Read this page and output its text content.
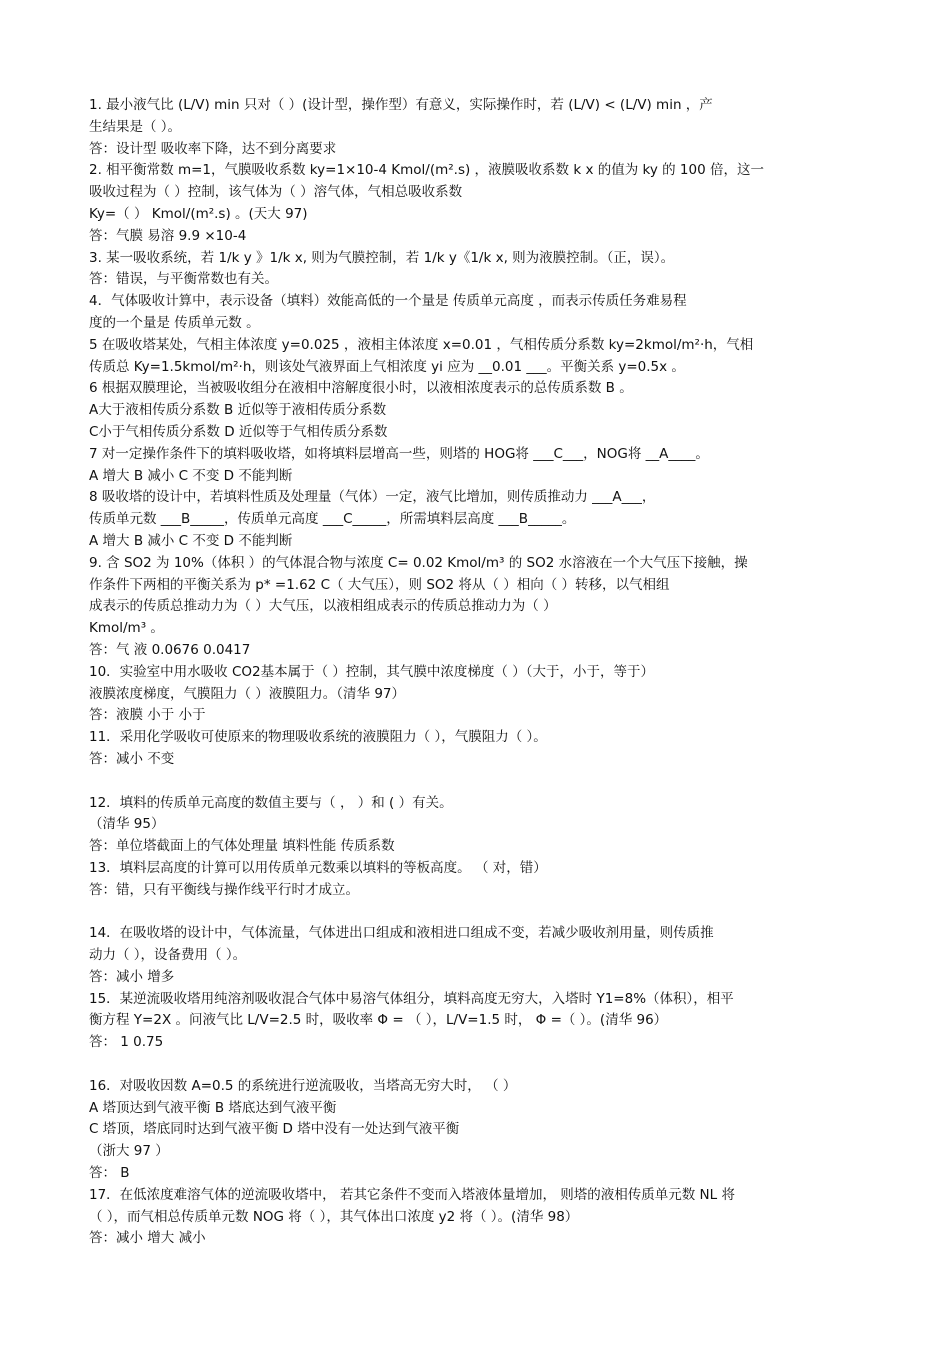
1. 最小液气比 (L/V) min 只对（ ）(设计型，操作型）有意义，实际操作时，若 (L/V) < (L/V) min ，产
生结果是（ ）。
答：设计型 吸收率下降，达不到分离要求
2. 相平衡常数 m=1，气膜吸收系数 ky=1×10-4 Kmol/(m².s) ，液膜吸收系数 k x 的值为 ky 的 100 倍，这一
吸收过程为（ ）控制，该气体为（ ）溶气体，气相总吸收系数
Ky=（ ） Kmol/(m².s) 。(天大 97)
答：气膜 易溶 9.9 ×10-4
3. 某一吸收系统，若 1/k y 》1/k x, 则为气膜控制，若 1/k y《1/k x, 则为液膜控制。（正，误）。
答：错误，与平衡常数也有关。
4．气体吸收计算中，表示设备（填料）效能高低的一个量是 传质单元高度 ，而表示传质任务难易程
度的一个量是 传质单元数 。
5 在吸收塔某处，气相主体浓度 y=0.025 ，液相主体浓度 x=0.01 ，气相传质分系数 ky=2kmol/m²·h，气相
传质总 Ky=1.5kmol/m²·h，则该处气液界面上气相浓度 yi 应为 __0.01 ___。平衡关系 y=0.5x 。
6 根据双膜理论，当被吸收组分在液相中溶解度很小时，以液相浓度表示的总传质系数 B 。
A大于液相传质分系数 B 近似等于液相传质分系数
C小于气相传质分系数 D 近似等于气相传质分系数
7 对一定操作条件下的填料吸收塔，如将填料层增高一些，则塔的 HOG将 ___C___，NOG将 __A____。
A 增大 B 减小 C 不变 D 不能判断
8 吸收塔的设计中，若填料性质及处理量（气体）一定，液气比增加，则传质推动力 ___A___，
传质单元数 ___B_____，传质单元高度 ___C_____，所需填料层高度 ___B_____。
A 增大 B 减小 C 不变 D 不能判断
9. 含 SO2 为 10%（体积 ）的气体混合物与浓度 C= 0.02 Kmol/m³ 的 SO2 水溶液在一个大气压下接触，操
作条件下两相的平衡关系为 p* =1.62 C（ 大气压），则 SO2 将从（ ）相向（ ）转移，以气相组
成表示的传质总推动力为（ ）大气压，以液相组成表示的传质总推动力为（ ）
Kmol/m³ 。
答：气 液 0.0676 0.0417
10．实验室中用水吸收 CO2基本属于（ ）控制，其气膜中浓度梯度（ ）（大于，小于，等于）
液膜浓度梯度，气膜阻力（ ）液膜阻力。（清华 97）
答：液膜 小于 小于
11．采用化学吸收可使原来的物理吸收系统的液膜阻力（ ），气膜阻力（ ）。
答：减小 不变
12．填料的传质单元高度的数值主要与（ ， ）和 ( ）有关。
（清华 95）
答：单位塔截面上的气体处理量 填料性能 传质系数
13．填料层高度的计算可以用传质单元数乘以填料的等板高度。 （ 对，错）
答：错，只有平衡线与操作线平行时才成立。
14．在吸收塔的设计中，气体流量，气体进出口组成和液相进口组成不变，若减少吸收剂用量，则传质推
动力（ ），设备费用（ ）。
答：减小 增多
15．某逆流吸收塔用纯溶剂吸收混合气体中易溶气体组分，填料高度无穷大，入塔时 Y1=8%（体积），相平
衡方程 Y=2X 。问液气比 L/V=2.5 时，吸收率 Φ = （ ），L/V=1.5 时， Φ =（ ）。(清华 96）
答： 1 0.75
16．对吸收因数 A=0.5 的系统进行逆流吸收，当塔高无穷大时， （ ）
A 塔顶达到气液平衡 B 塔底达到气液平衡
C 塔顶，塔底同时达到气液平衡 D 塔中没有一处达到气液平衡
（浙大 97 ）
答： B
17．在低浓度难溶气体的逆流吸收塔中， 若其它条件不变而入塔液体量增加， 则塔的液相传质单元数 NL 将
（ ），而气相总传质单元数 NOG 将（ ），其气体出口浓度 y2 将（ ）。(清华 98）
答：减小 增大 减小
